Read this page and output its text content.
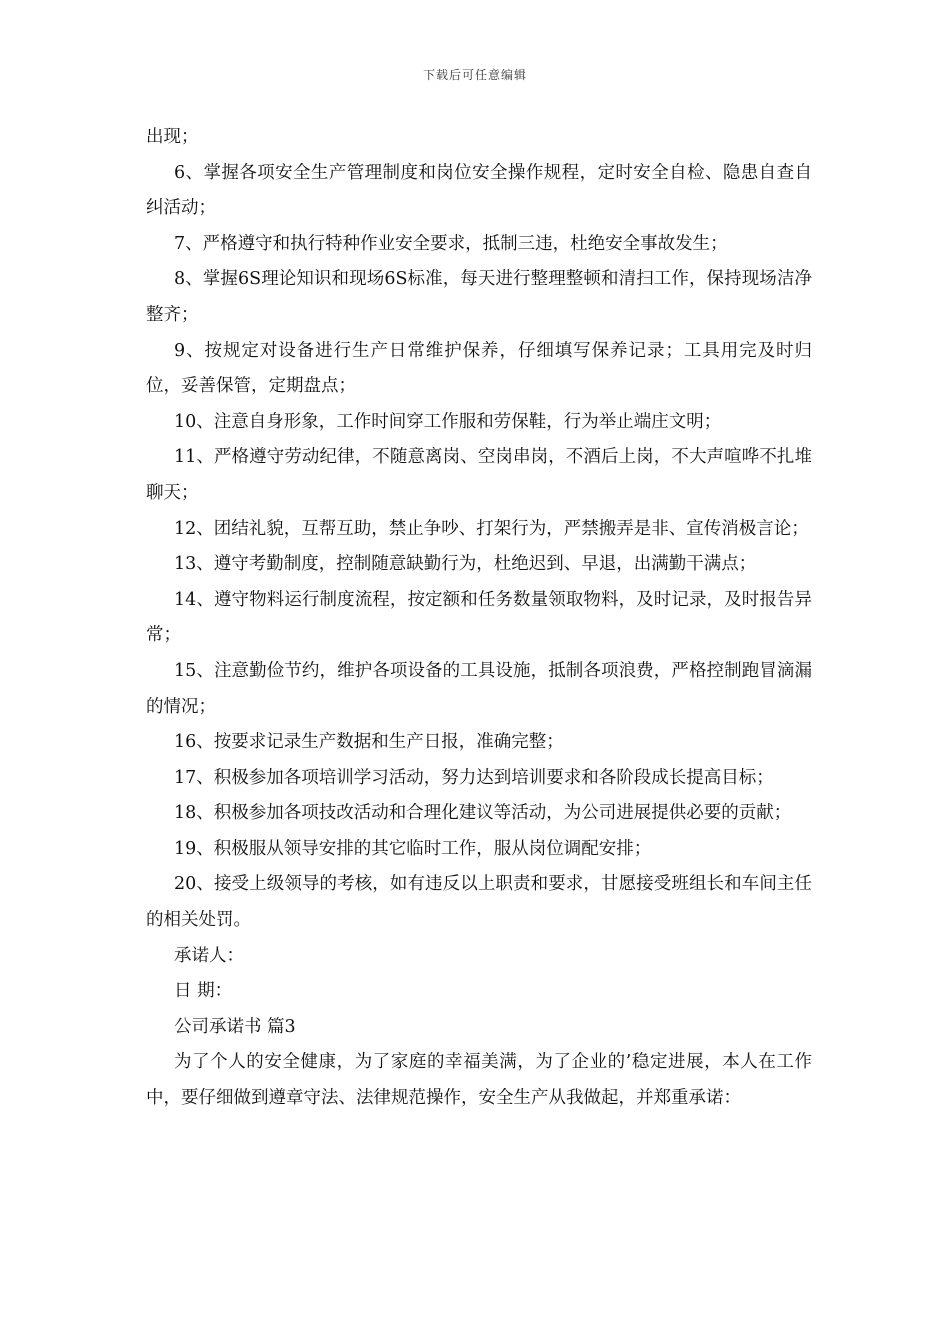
下载后可任意编辑

出现；

6、掌握各项安全生产管理制度和岗位安全操作规程，定时安全自检、隐患自查自纠活动；

7、严格遵守和执行特种作业安全要求，抵制三违，杜绝安全事故发生；

8、掌握6S理论知识和现场6S标准，每天进行整理整顿和清扫工作，保持现场洁净整齐；

9、按规定对设备进行生产日常维护保养，仔细填写保养记录；工具用完及时归位，妥善保管，定期盘点；

10、注意自身形象，工作时间穿工作服和劳保鞋，行为举止端庄文明；

11、严格遵守劳动纪律，不随意离岗、空岗串岗，不酒后上岗，不大声喧哗不扎堆聊天；

12、团结礼貌，互帮互助，禁止争吵、打架行为，严禁搬弄是非、宣传消极言论；

13、遵守考勤制度，控制随意缺勤行为，杜绝迟到、早退，出满勤干满点；

14、遵守物料运行制度流程，按定额和任务数量领取物料，及时记录，及时报告异常；

15、注意勤俭节约，维护各项设备的工具设施，抵制各项浪费，严格控制跑冒滴漏的情况；

16、按要求记录生产数据和生产日报，准确完整；

17、积极参加各项培训学习活动，努力达到培训要求和各阶段成长提高目标；

18、积极参加各项技改活动和合理化建议等活动，为公司进展提供必要的贡献；

19、积极服从领导安排的其它临时工作，服从岗位调配安排；

20、接受上级领导的考核，如有违反以上职责和要求，甘愿接受班组长和车间主任的相关处罚。

承诺人：

日 期：

公司承诺书 篇3

为了个人的安全健康，为了家庭的幸福美满，为了企业的’稳定进展，本人在工作中，要仔细做到遵章守法、法律规范操作，安全生产从我做起，并郑重承诺：
